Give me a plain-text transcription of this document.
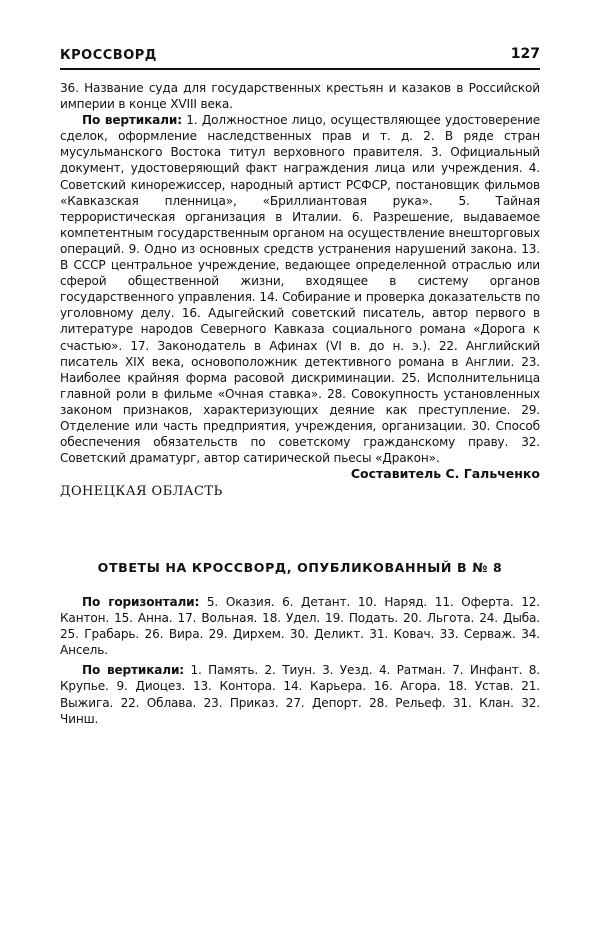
КРОССВОРД	127

36. Название суда для государственных крестьян и казаков в Российской империи в конце XVIII века.

По вертикали: 1. Должностное лицо, осуществляющее удостоверение сделок, оформление наследственных прав и т. д. 2. В ряде стран мусульманского Востока титул верховного правителя. 3. Официальный документ, удостоверяющий факт награждения лица или учреждения. 4. Советский кинорежиссер, народный артист РСФСР, постановщик фильмов «Кавказская пленница», «Бриллиантовая рука». 5. Тайная террористическая организация в Италии. 6. Разрешение, выдаваемое компетентным государственным органом на осуществление внешторговых операций. 9. Одно из основных средств устранения нарушений закона. 13. В СССР центральное учреждение, ведающее определенной отраслью или сферой общественной жизни, входящее в систему органов государственного управления. 14. Собирание и проверка доказательств по уголовному делу. 16. Адыгейский советский писатель, автор первого в литературе народов Северного Кавказа социального романа «Дорога к счастью». 17. Законодатель в Афинах (VI в. до н. э.). 22. Английский писатель XIX века, основоположник детективного романа в Англии. 23. Наиболее крайняя форма расовой дискриминации. 25. Исполнительница главной роли в фильме «Очная ставка». 28. Совокупность установленных законом признаков, характеризующих деяние как преступление. 29. Отделение или часть предприятия, учреждения, организации. 30. Способ обеспечения обязательств по советскому гражданскому праву. 32. Советский драматург, автор сатирической пьесы «Дракон».

Составитель С. Гальченко
ДОНЕЦКАЯ ОБЛАСТЬ
ОТВЕТЫ НА КРОССВОРД, ОПУБЛИКОВАННЫЙ В № 8

По горизонтали: 5. Оказия. 6. Детант. 10. Наряд. 11. Оферта. 12. Кантон. 15. Анна. 17. Вольная. 18. Удел. 19. Подать. 20. Льгота. 24. Дыба. 25. Грабарь. 26. Вира. 29. Дирхем. 30. Деликт. 31. Ковач. 33. Серваж. 34. Ансель.

По вертикали: 1. Память. 2. Тиун. 3. Уезд. 4. Ратман. 7. Инфант. 8. Крупье. 9. Диоцез. 13. Контора. 14. Карьера. 16. Агора. 18. Устав. 21. Выжига. 22. Облава. 23. Приказ. 27. Депорт. 28. Рельеф. 31. Клан. 32. Чинш.
